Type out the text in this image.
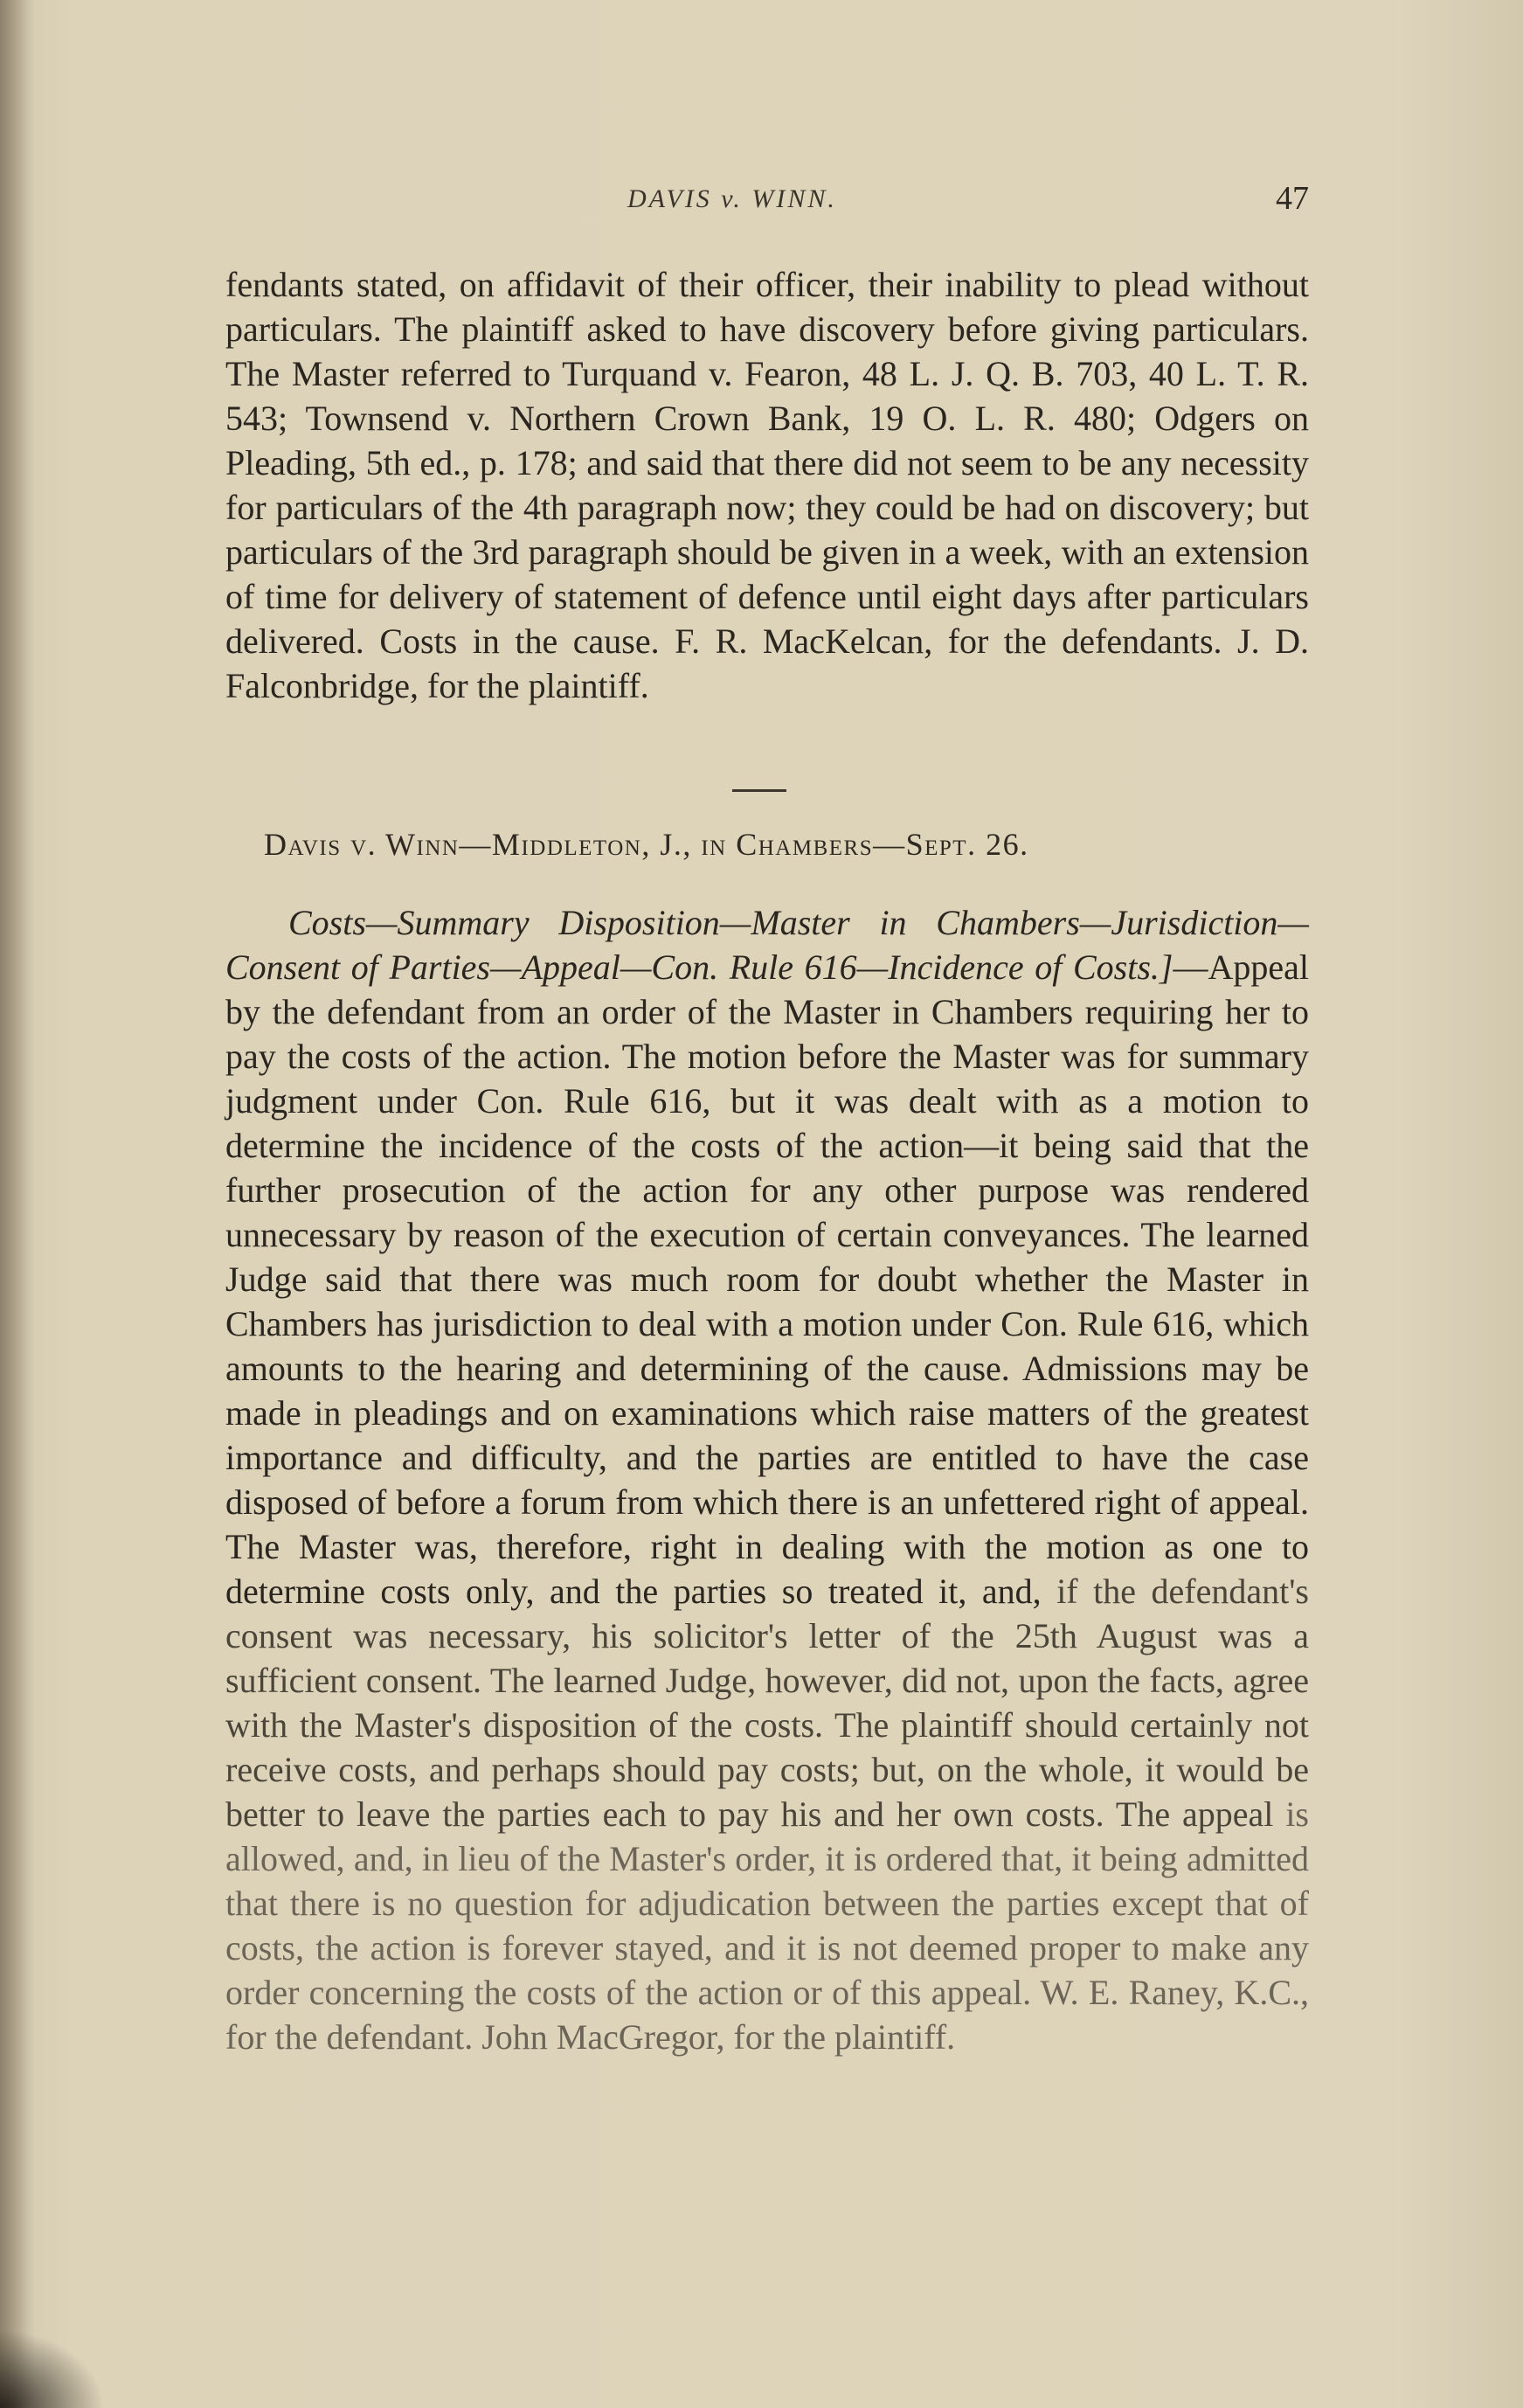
DAVIS v. WINN.	47

fendants stated, on affidavit of their officer, their inability to plead without particulars. The plaintiff asked to have discovery before giving particulars. The Master referred to Turquand v. Fearon, 48 L. J. Q. B. 703, 40 L. T. R. 543; Townsend v. Northern Crown Bank, 19 O. L. R. 480; Odgers on Pleading, 5th ed., p. 178; and said that there did not seem to be any necessity for particulars of the 4th paragraph now; they could be had on discovery; but particulars of the 3rd paragraph should be given in a week, with an extension of time for delivery of statement of defence until eight days after particulars delivered. Costs in the cause. F. R. MacKelcan, for the defendants. J. D. Falconbridge, for the plaintiff.

Davis v. Winn—Middleton, J., in Chambers—Sept. 26.

Costs—Summary Disposition—Master in Chambers—Jurisdiction—Consent of Parties—Appeal—Con. Rule 616—Incidence of Costs.]—Appeal by the defendant from an order of the Master in Chambers requiring her to pay the costs of the action. The motion before the Master was for summary judgment under Con. Rule 616, but it was dealt with as a motion to determine the incidence of the costs of the action—it being said that the further prosecution of the action for any other purpose was rendered unnecessary by reason of the execution of certain conveyances. The learned Judge said that there was much room for doubt whether the Master in Chambers has jurisdiction to deal with a motion under Con. Rule 616, which amounts to the hearing and determining of the cause. Admissions may be made in pleadings and on examinations which raise matters of the greatest importance and difficulty, and the parties are entitled to have the case disposed of before a forum from which there is an unfettered right of appeal. The Master was, therefore, right in dealing with the motion as one to determine costs only, and the parties so treated it, and, if the defendant's consent was necessary, his solicitor's letter of the 25th August was a sufficient consent. The learned Judge, however, did not, upon the facts, agree with the Master's disposition of the costs. The plaintiff should certainly not receive costs, and perhaps should pay costs; but, on the whole, it would be better to leave the parties each to pay his and her own costs. The appeal is allowed, and, in lieu of the Master's order, it is ordered that, it being admitted that there is no question for adjudication between the parties except that of costs, the action is forever stayed, and it is not deemed proper to make any order concerning the costs of the action or of this appeal. W. E. Raney, K.C., for the defendant. John MacGregor, for the plaintiff.
